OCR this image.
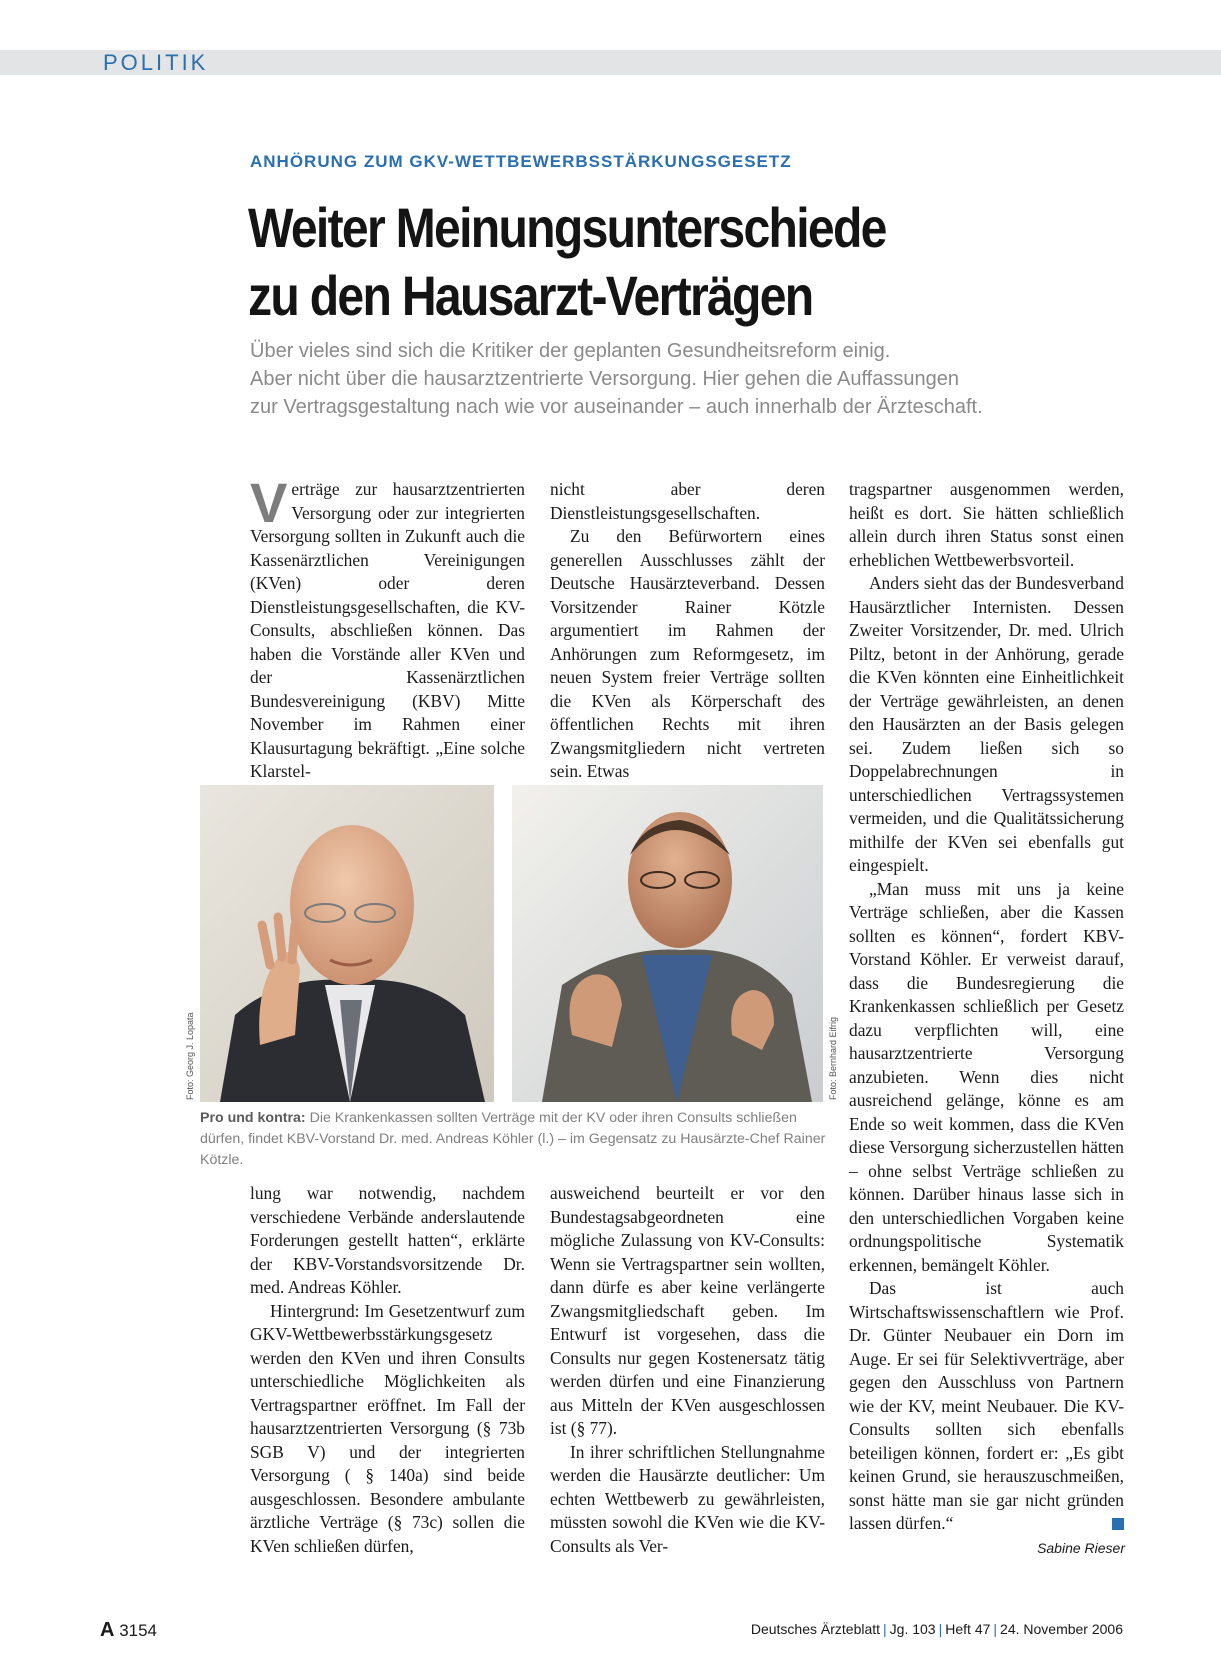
POLITIK
ANHÖRUNG ZUM GKV-WETTBEWERBSSTÄRKUNGSGESETZ
Weiter Meinungsunterschiede
zu den Hausarzt-Verträgen
Über vieles sind sich die Kritiker der geplanten Gesundheitsreform einig.
Aber nicht über die hausarztzentrierte Versorgung. Hier gehen die Auffassungen
zur Vertragsgestaltung nach wie vor auseinander – auch innerhalb der Ärzteschaft.

Verträge zur hausarztzentrierten Versorgung oder zur integrierten Versorgung sollten in Zukunft auch die Kassenärztlichen Vereinigungen (KVen) oder deren Dienstleistungsgesellschaften, die KV-Consults, abschließen können. Das haben die Vorstände aller KVen und der Kassenärztlichen Bundesvereinigung (KBV) Mitte November im Rahmen einer Klausurtagung bekräftigt. „Eine solche Klarstel-

nicht aber deren Dienstleistungsgesellschaften.

Zu den Befürwortern eines generellen Ausschlusses zählt der Deutsche Hausärzteverband. Dessen Vorsitzender Rainer Kötzle argumentiert im Rahmen der Anhörungen zum Reformgesetz, im neuen System freier Verträge sollten die KVen als Körperschaft des öffentlichen Rechts mit ihren Zwangsmitgliedern nicht vertreten sein. Etwas

tragspartner ausgenommen werden, heißt es dort. Sie hätten schließlich allein durch ihren Status sonst einen erheblichen Wettbewerbsvorteil.

Anders sieht das der Bundesverband Hausärztlicher Internisten. Dessen Zweiter Vorsitzender, Dr. med. Ulrich Piltz, betont in der Anhörung, gerade die KVen könnten eine Einheitlichkeit der Verträge gewährleisten, an denen den Hausärzten an der Basis gelegen sei. Zudem ließen sich so Doppelabrechnungen in unterschiedlichen Vertragssystemen vermeiden, und die Qualitätssicherung mithilfe der KVen sei ebenfalls gut eingespielt.

„Man muss mit uns ja keine Verträge schließen, aber die Kassen sollten es können“, fordert KBV-Vorstand Köhler. Er verweist darauf, dass die Bundesregierung die Krankenkassen schließlich per Gesetz dazu verpflichten will, eine hausarztzentrierte Versorgung anzubieten. Wenn dies nicht ausreichend gelänge, könne es am Ende so weit kommen, dass die KVen diese Versorgung sicherzustellen hätten – ohne selbst Verträge schließen zu können. Darüber hinaus lasse sich in den unterschiedlichen Vorgaben keine ordnungspolitische Systematik erkennen, bemängelt Köhler.

Das ist auch Wirtschaftswissenschaftlern wie Prof. Dr. Günter Neubauer ein Dorn im Auge. Er sei für Selektivverträge, aber gegen den Ausschluss von Partnern wie der KV, meint Neubauer. Die KV-Consults sollten sich ebenfalls beteiligen können, fordert er: „Es gibt keinen Grund, sie herauszuschmeißen, sonst hätte man sie gar nicht gründen lassen dürfen.“

Foto: Georg J. Lopata	Foto: Bernhard Eifrig
Pro und kontra: Die Krankenkassen sollten Verträge mit der KV oder ihren Consults schließen dürfen, findet KBV-Vorstand Dr. med. Andreas Köhler (l.) – im Gegensatz zu Hausärzte-Chef Rainer Kötzle.

lung war notwendig, nachdem verschiedene Verbände anderslautende Forderungen gestellt hatten“, erklärte der KBV-Vorstandsvorsitzende Dr. med. Andreas Köhler.

Hintergrund: Im Gesetzentwurf zum GKV-Wettbewerbsstärkungsgesetz werden den KVen und ihren Consults unterschiedliche Möglichkeiten als Vertragspartner eröffnet. Im Fall der hausarztzentrierten Versorgung (§ 73b SGB V) und der integrierten Versorgung ( § 140a) sind beide ausgeschlossen. Besondere ambulante ärztliche Verträge (§ 73c) sollen die KVen schließen dürfen,

ausweichend beurteilt er vor den Bundestagsabgeordneten eine mögliche Zulassung von KV-Consults: Wenn sie Vertragspartner sein wollten, dann dürfe es aber keine verlängerte Zwangsmitgliedschaft geben. Im Entwurf ist vorgesehen, dass die Consults nur gegen Kostenersatz tätig werden dürfen und eine Finanzierung aus Mitteln der KVen ausgeschlossen ist (§ 77).

In ihrer schriftlichen Stellungnahme werden die Hausärzte deutlicher: Um echten Wettbewerb zu gewährleisten, müssten sowohl die KVen wie die KV-Consults als Ver-	Sabine Rieser
A 3154	Deutsches Ärzteblatt | Jg. 103 | Heft 47 | 24. November 2006
